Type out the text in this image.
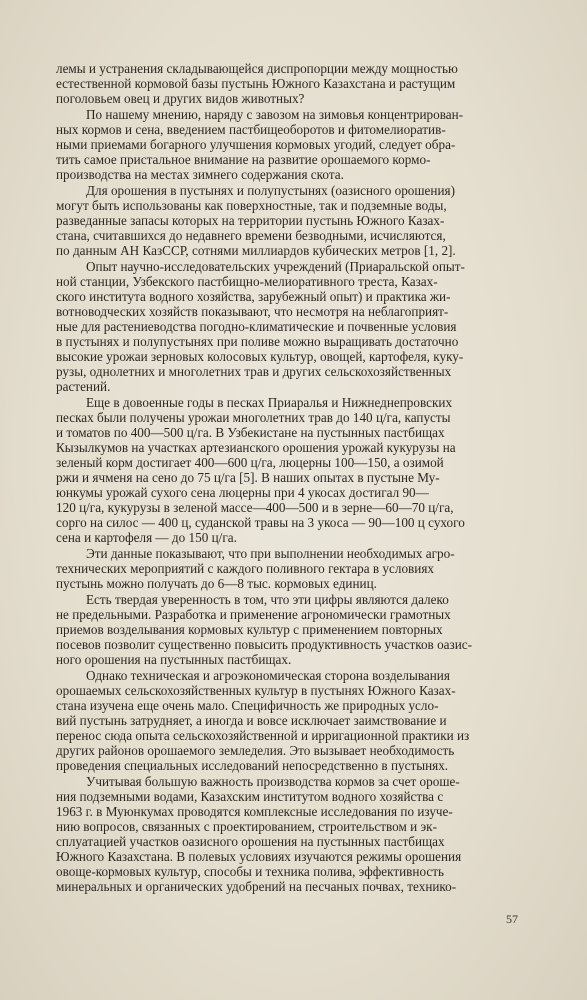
лемы и устранения складывающейся диспропорции между мощностью
естественной кормовой базы пустынь Южного Казахстана и растущим
поголовьем овец и других видов животных?
По нашему мнению, наряду с завозом на зимовья концентрирован-
ных кормов и сена, введением пастбищеоборотов и фитомелиоратив-
ными приемами богарного улучшения кормовых угодий, следует обра-
тить самое пристальное внимание на развитие орошаемого кормо-
производства на местах зимнего содержания скота.
Для орошения в пустынях и полупустынях (оазисного орошения)
могут быть использованы как поверхностные, так и подземные воды,
разведанные запасы которых на территории пустынь Южного Казах-
стана, считавшихся до недавнего времени безводными, исчисляются,
по данным АН КазССР, сотнями миллиардов кубических метров [1, 2].
Опыт научно-исследовательских учреждений (Приаральской опыт-
ной станции, Узбекского пастбищно-мелиоративного треста, Казах-
ского института водного хозяйства, зарубежный опыт) и практика жи-
вотноводческих хозяйств показывают, что несмотря на неблагоприят-
ные для растениеводства погодно-климатические и почвенные условия
в пустынях и полупустынях при поливе можно выращивать достаточно
высокие урожаи зерновых колосовых культур, овощей, картофеля, куку-
рузы, однолетних и многолетних трав и других сельскохозяйственных
растений.
Еще в довоенные годы в песках Приаралья и Нижнеднепровских
песках были получены урожаи многолетних трав до 140 ц/га, капусты
и томатов по 400—500 ц/га. В Узбекистане на пустынных пастбищах
Кызылкумов на участках артезианского орошения урожай кукурузы на
зеленый корм достигает 400—600 ц/га, люцерны 100—150, а озимой
ржи и ячменя на сено до 75 ц/га [5]. В наших опытах в пустыне Му-
юнкумы урожай сухого сена люцерны при 4 укосах достигал 90—
120 ц/га, кукурузы в зеленой массе—400—500 и в зерне—60—70 ц/га,
сорго на силос — 400 ц, суданской травы на 3 укоса — 90—100 ц сухого
сена и картофеля — до 150 ц/га.
Эти данные показывают, что при выполнении необходимых агро-
технических мероприятий с каждого поливного гектара в условиях
пустынь можно получать до 6—8 тыс. кормовых единиц.
Есть твердая уверенность в том, что эти цифры являются далеко
не предельными. Разработка и применение агрономически грамотных
приемов возделывания кормовых культур с применением повторных
посевов позволит существенно повысить продуктивность участков оазис-
ного орошения на пустынных пастбищах.
Однако техническая и агроэкономическая сторона возделывания
орошаемых сельскохозяйственных культур в пустынях Южного Казах-
стана изучена еще очень мало. Специфичность же природных усло-
вий пустынь затрудняет, а иногда и вовсе исключает заимствование и
перенос сюда опыта сельскохозяйственной и ирригационной практики из
других районов орошаемого земледелия. Это вызывает необходимость
проведения специальных исследований непосредственно в пустынях.
Учитывая большую важность производства кормов за счет ороше-
ния подземными водами, Казахским институтом водного хозяйства с
1963 г. в Муюнкумах проводятся комплексные исследования по изуче-
нию вопросов, связанных с проектированием, строительством и эк-
сплуатацией участков оазисного орошения на пустынных пастбищах
Южного Казахстана. В полевых условиях изучаются режимы орошения
овоще-кормовых культур, способы и техника полива, эффективность
минеральных и органических удобрений на песчаных почвах, технико-
57
